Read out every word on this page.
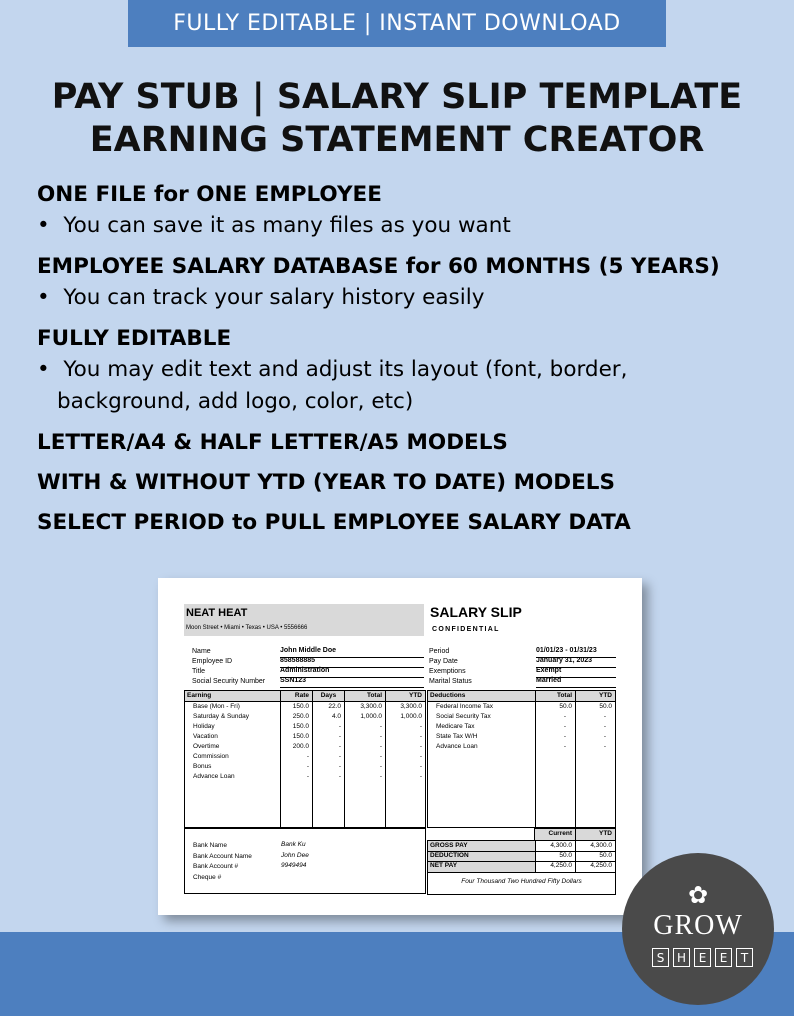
FULLY EDITABLE | INSTANT DOWNLOAD
PAY STUB | SALARY SLIP TEMPLATE
EARNING STATEMENT CREATOR
ONE FILE for ONE EMPLOYEE
•  You can save it as many files as you want
EMPLOYEE SALARY DATABASE for 60 MONTHS (5 YEARS)
•  You can track your salary history easily
FULLY EDITABLE
•  You may edit text and adjust its layout (font, border, background, add logo, color, etc)
LETTER/A4 & HALF LETTER/A5 MODELS
WITH & WITHOUT YTD (YEAR TO DATE) MODELS
SELECT PERIOD to PULL EMPLOYEE SALARY DATA
NEAT HEAT
Moon Street • Miami • Texas • USA • 5556666
SALARY SLIP
CONFIDENTIAL
Name	John Middle Doe
Employee ID	858588885
Title	Administration
Social Security Number SSN123
Period	01/01/23 - 01/31/23
Pay Date	January 31, 2023
Exemptions	Exempt
Marital Status	Married
Earning	Rate	Days	Total	YTD
Base (Mon - Fri)	150.0	22.0	3,300.0	3,300.0
Saturday & Sunday	250.0	4.0	1,000.0	1,000.0
Holiday	150.0	-	-	-
Vacation	150.0	-	-	-
Overtime	200.0	-	-	-
Commission	-	-	-	-
Bonus	-	-	-	-
Advance Loan	-	-	-	-
Deductions	Total	YTD
Federal Income Tax	50.0	50.0
Social Security Tax	-	-
Medicare Tax	-	-
State Tax W/H	-	-
Advance Loan	-	-
Bank Name	Bank Ku
Bank Account Name	John Dee
Bank Account #	9949494
Cheque #
Current	YTD
GROSS PAY	4,300.0	4,300.0
DEDUCTION	50.0	50.0
NET PAY	4,250.0	4,250.0
Four Thousand Two Hundred Fifty Dollars	✿
GROW
S	H	E	E	T
